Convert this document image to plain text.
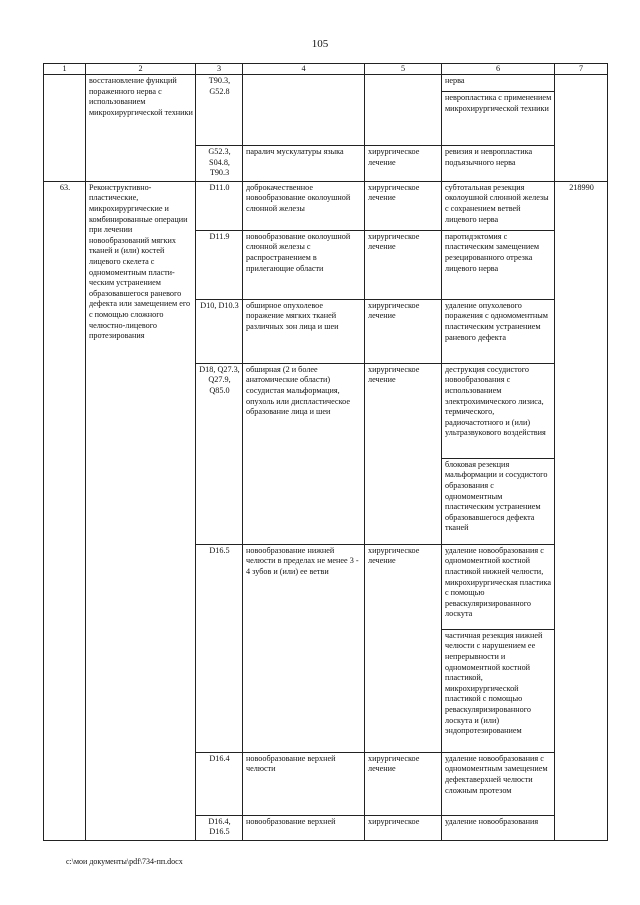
105
1	2	3	4	5	6	7
	восстановление функций пораженного нерва с использованием микрохирургической техники	T90.3, G52.8			нерва	
					невропластика с применением микрохирургической техники	
		G52.3, S04.8, T90.3	паралич мускулатуры языка	хирургическое лечение	ревизия и невропластика подъязычного нерва	

63.	Реконструктивно-пластические, микрохирургические и комбинированные операции при лечении новообразований мягких тканей и (или) костей лицевого скелета с одномоментным пласти-ческим устранением образовавшегося раневого дефекта или замещением его с помощью сложного челюстно-лицевого протезирования	D11.0	доброкачественное новообразование околоушной слюнной железы	хирургическое лечение	субтотальная резекция околоушной слюнной железы с сохранением ветвей лицевого нерва	218990
		D11.9	новообразование околоушной слюнной железы с распространением в прилегающие области	хирургическое лечение	паротидэктомия с пластическим замещением резецированного отрезка лицевого нерва	
		D10, D10.3	обширное опухолевое поражение мягких тканей различных зон лица и шеи	хирургическое лечение	удаление опухолевого поражения с одномоментным пластическим устранением раневого дефекта	
		D18, Q27.3, Q27.9, Q85.0	обширная (2 и более анатомические области) сосудистая мальформация, опухоль или диспластическое образование лица и шеи	хирургическое лечение	деструкция сосудистого новообразования с использованием электрохимического лизиса, термического, радиочастотного и (или) ультразвукового воздействия	
					блоковая резекция мальформации и сосудистого образования с одномоментным пластическим устранением образовавшегося дефекта тканей	
		D16.5	новообразование нижней челюсти в пределах не менее 3 - 4 зубов и (или) ее ветви	хирургическое лечение	удаление новообразования с одномоментной костной пластикой нижней челюсти, микрохирургическая пластика с помощью реваскуляризированного лоскута	
					частичная резекция нижней челюсти с нарушением ее непрерывности и одномоментной костной пластикой, микрохирургической пластикой с помощью реваскуляризированного лоскута и (или) эндопротезированием	
		D16.4	новообразование верхней челюсти	хирургическое лечение	удаление новообразования с одномоментным замещением дефектаверхней челюсти сложным протезом	
		D16.4, D16.5	новообразование верхней	хирургическое	удаление новообразования	
c:\мои документы\pdf\734-пп.docx
